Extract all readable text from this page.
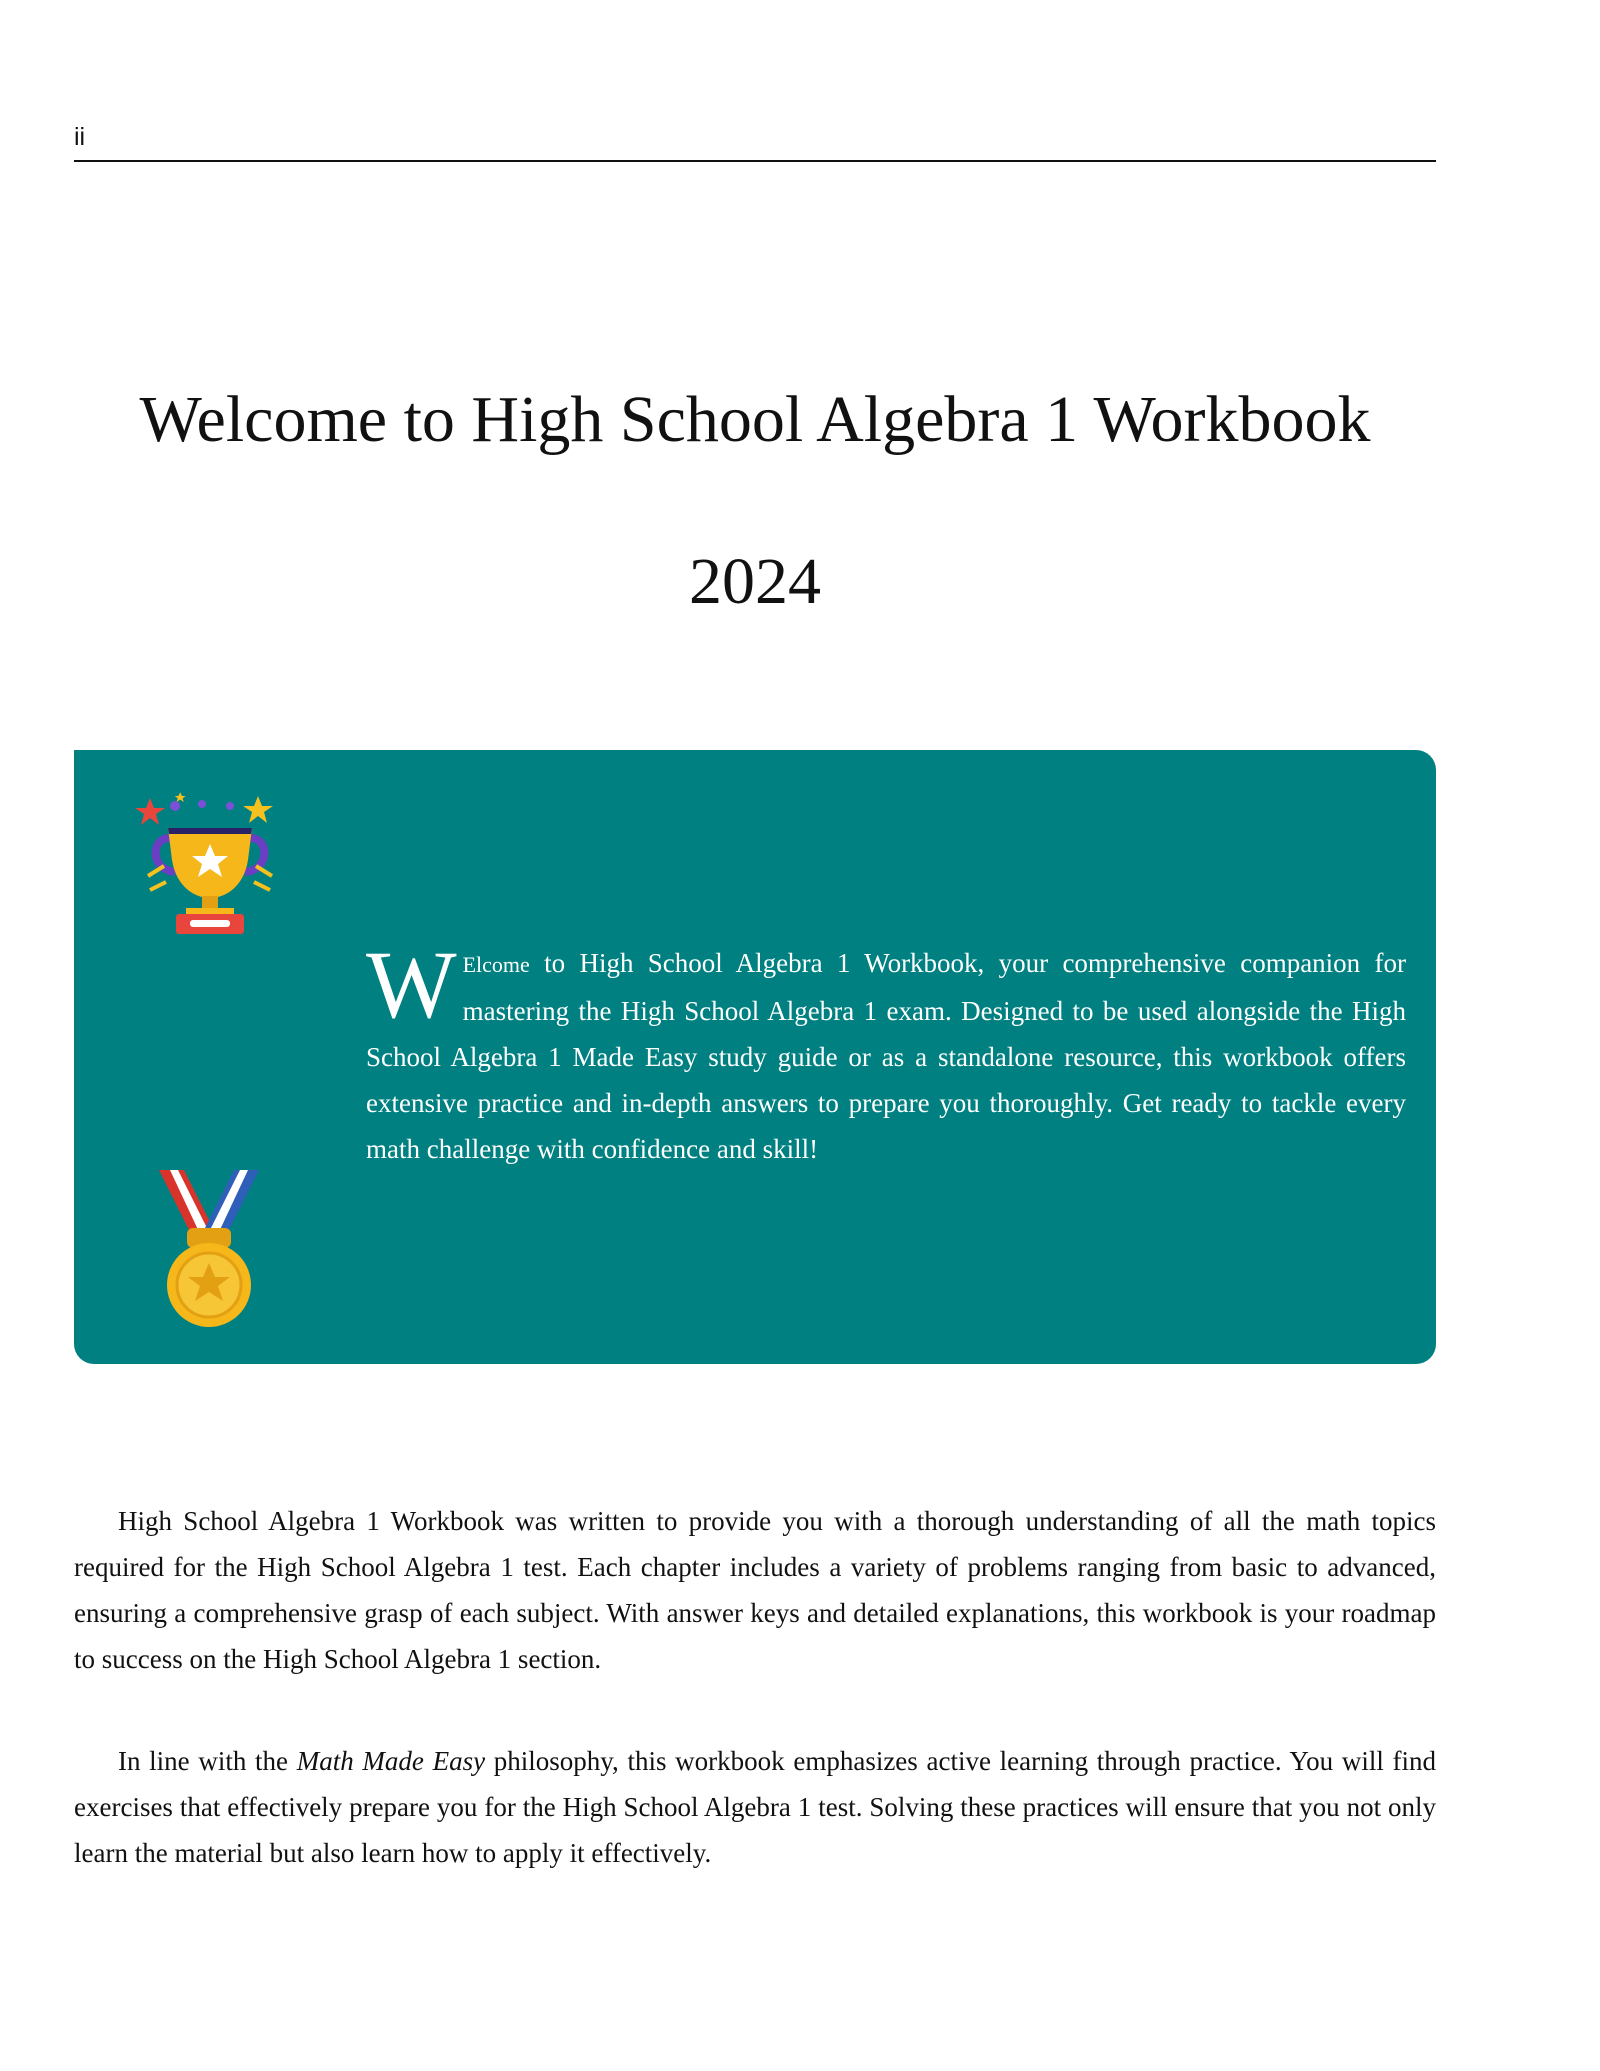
ii
Welcome to High School Algebra 1 Workbook
2024

W Elcome to High School Algebra 1 Workbook, your comprehensive companion for mastering the High School Algebra 1 exam. Designed to be used alongside the High School Algebra 1 Made Easy study guide or as a standalone resource, this workbook offers extensive practice and in-depth answers to prepare you thoroughly. Get ready to tackle every math challenge with confidence and skill!

High School Algebra 1 Workbook was written to provide you with a thorough understanding of all the math topics required for the High School Algebra 1 test. Each chapter includes a variety of problems ranging from basic to advanced, ensuring a comprehensive grasp of each subject. With answer keys and detailed explanations, this workbook is your roadmap to success on the High School Algebra 1 section.

In line with the Math Made Easy philosophy, this workbook emphasizes active learning through practice. You will find exercises that effectively prepare you for the High School Algebra 1 test. Solving these practices will ensure that you not only learn the material but also learn how to apply it effectively.
